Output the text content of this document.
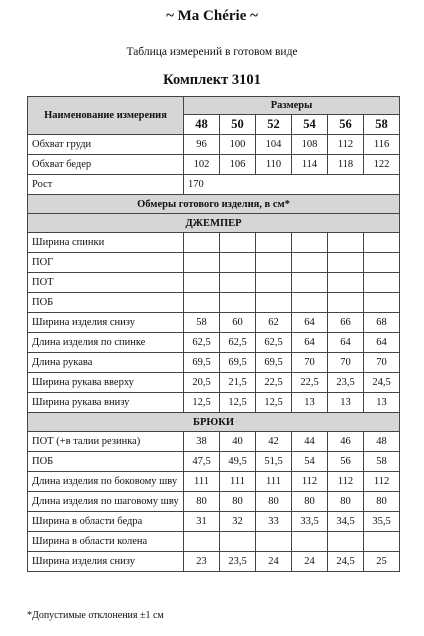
~ Ma Chérie ~
Таблица измерений в готовом виде
Комплект 3101
Наименование измерения	Размеры					
	48	50	52	54	56	58
Обхват груди	96	100	104	108	112	116
Обхват бедер	102	106	110	114	118	122
Рост	170					
Обмеры готового изделия, в см*						
ДЖЕМПЕР						
Ширина спинки						
ПОГ						
ПОТ						
ПОБ						
Ширина изделия снизу	58	60	62	64	66	68
Длина изделия по спинке	62,5	62,5	62,5	64	64	64
Длина рукава	69,5	69,5	69,5	70	70	70
Ширина рукава вверху	20,5	21,5	22,5	22,5	23,5	24,5
Ширина рукава внизу	12,5	12,5	12,5	13	13	13
БРЮКИ						
ПОТ (+в талии резинка)	38	40	42	44	46	48
ПОБ	47,5	49,5	51,5	54	56	58
Длина изделия по боковому шву	111	111	111	112	112	112
Длина изделия по шаговому шву	80	80	80	80	80	80
Ширина в области бедра	31	32	33	33,5	34,5	35,5
Ширина в области колена						
Ширина изделия снизу	23	23,5	24	24	24,5	25
*Допустимые отклонения ±1 см
